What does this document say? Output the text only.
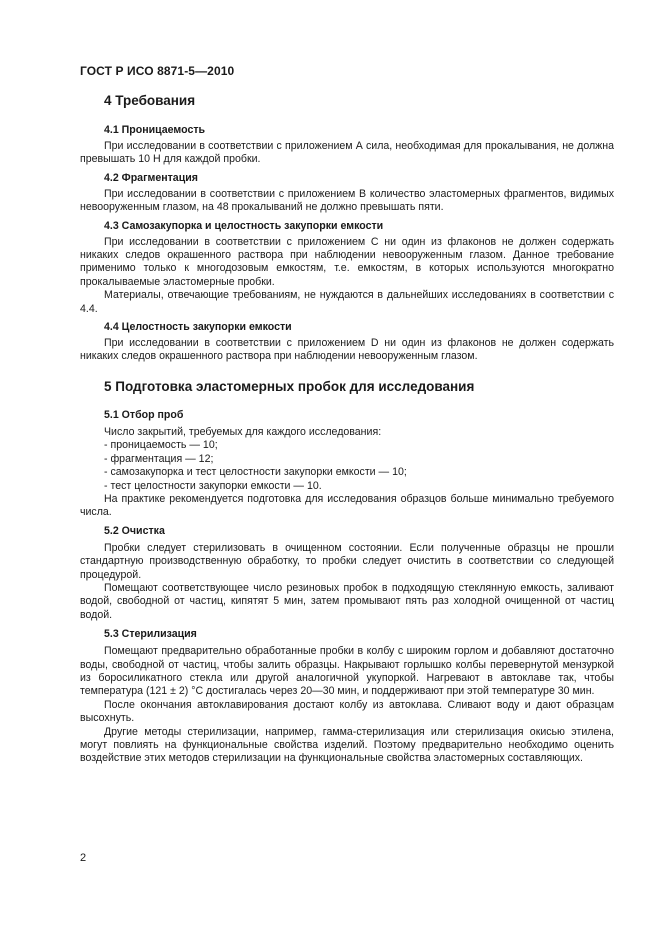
ГОСТ Р ИСО 8871-5—2010
4 Требования
4.1 Проницаемость

При исследовании в соответствии с приложением А сила, необходимая для прокалывания, не должна превышать 10 Н для каждой пробки.

4.2 Фрагментация

При исследовании в соответствии с приложением В количество эластомерных фрагментов, видимых невооруженным глазом, на 48 прокалываний не должно превышать пяти.

4.3 Самозакупорка и целостность закупорки емкости

При исследовании в соответствии с приложением С ни один из флаконов не должен содержать никаких следов окрашенного раствора при наблюдении невооруженным глазом. Данное требование применимо только к многодозовым емкостям, т.е. емкостям, в которых используются многократно прокалываемые эластомерные пробки.

Материалы, отвечающие требованиям, не нуждаются в дальнейших исследованиях в соответствии с 4.4.

4.4 Целостность закупорки емкости

При исследовании в соответствии с приложением D ни один из флаконов не должен содержать никаких следов окрашенного раствора при наблюдении невооруженным глазом.

5 Подготовка эластомерных пробок для исследования
5.1 Отбор проб

Число закрытий, требуемых для каждого исследования:

- проницаемость — 10;
- фрагментация — 12;
- самозакупорка и тест целостности закупорки емкости — 10;
- тест целостности закупорки емкости — 10.

На практике рекомендуется подготовка для исследования образцов больше минимально требуемого числа.

5.2 Очистка

Пробки следует стерилизовать в очищенном состоянии. Если полученные образцы не прошли стандартную производственную обработку, то пробки следует очистить в соответствии со следующей процедурой.

Помещают соответствующее число резиновых пробок в подходящую стеклянную емкость, заливают водой, свободной от частиц, кипятят 5 мин, затем промывают пять раз холодной очищенной от частиц водой.

5.3 Стерилизация

Помещают предварительно обработанные пробки в колбу с широким горлом и добавляют достаточно воды, свободной от частиц, чтобы залить образцы. Накрывают горлышко колбы перевернутой мензуркой из боросиликатного стекла или другой аналогичной укупоркой. Нагревают в автоклаве так, чтобы температура (121 ± 2) °С достигалась через 20—30 мин, и поддерживают при этой температуре 30 мин.

После окончания автоклавирования достают колбу из автоклава. Сливают воду и дают образцам высохнуть.

Другие методы стерилизации, например, гамма-стерилизация или стерилизация окисью этилена, могут повлиять на функциональные свойства изделий. Поэтому предварительно необходимо оценить воздействие этих методов стерилизации на функциональные свойства эластомерных составляющих.

2
